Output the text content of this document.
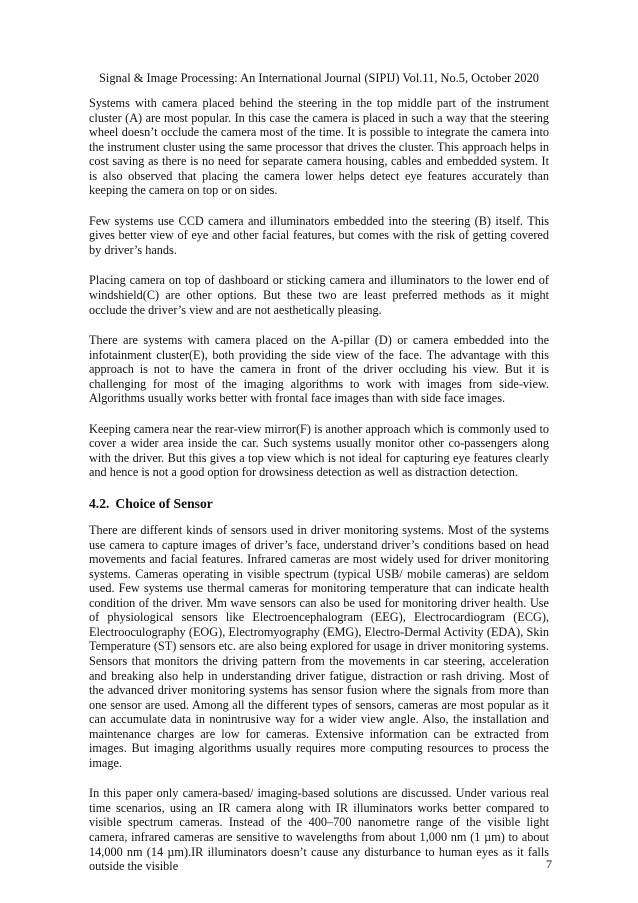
Signal & Image Processing: An International Journal (SIPIJ) Vol.11, No.5, October 2020

Systems with camera placed behind the steering in the top middle part of the instrument cluster (A) are most popular. In this case the camera is placed in such a way that the steering wheel doesn’t occlude the camera most of the time. It is possible to integrate the camera into the instrument cluster using the same processor that drives the cluster. This approach helps in cost saving as there is no need for separate camera housing, cables and embedded system. It is also observed that placing the camera lower helps detect eye features accurately than keeping the camera on top or on sides.

Few systems use CCD camera and illuminators embedded into the steering (B) itself. This gives better view of eye and other facial features, but comes with the risk of getting covered by driver’s hands.

Placing camera on top of dashboard or sticking camera and illuminators to the lower end of windshield(C) are other options. But these two are least preferred methods as it might occlude the driver’s view and are not aesthetically pleasing.

There are systems with camera placed on the A-pillar (D) or camera embedded into the infotainment cluster(E), both providing the side view of the face. The advantage with this approach is not to have the camera in front of the driver occluding his view. But it is challenging for most of the imaging algorithms to work with images from side-view. Algorithms usually works better with frontal face images than with side face images.

Keeping camera near the rear-view mirror(F) is another approach which is commonly used to cover a wider area inside the car. Such systems usually monitor other co-passengers along with the driver. But this gives a top view which is not ideal for capturing eye features clearly and hence is not a good option for drowsiness detection as well as distraction detection.

4.2. Choice of Sensor

There are different kinds of sensors used in driver monitoring systems. Most of the systems use camera to capture images of driver’s face, understand driver’s conditions based on head movements and facial features. Infrared cameras are most widely used for driver monitoring systems. Cameras operating in visible spectrum (typical USB/ mobile cameras) are seldom used. Few systems use thermal cameras for monitoring temperature that can indicate health condition of the driver. Mm wave sensors can also be used for monitoring driver health. Use of physiological sensors like Electroencephalogram (EEG), Electrocardiogram (ECG), Electrooculography (EOG), Electromyography (EMG), Electro-Dermal Activity (EDA), Skin Temperature (ST) sensors etc. are also being explored for usage in driver monitoring systems. Sensors that monitors the driving pattern from the movements in car steering, acceleration and breaking also help in understanding driver fatigue, distraction or rash driving. Most of the advanced driver monitoring systems has sensor fusion where the signals from more than one sensor are used. Among all the different types of sensors, cameras are most popular as it can accumulate data in nonintrusive way for a wider view angle. Also, the installation and maintenance charges are low for cameras. Extensive information can be extracted from images. But imaging algorithms usually requires more computing resources to process the image.

In this paper only camera-based/ imaging-based solutions are discussed. Under various real time scenarios, using an IR camera along with IR illuminators works better compared to visible spectrum cameras. Instead of the 400–700 nanometre range of the visible light camera, infrared cameras are sensitive to wavelengths from about 1,000 nm (1 µm) to about 14,000 nm (14 µm).IR illuminators doesn’t cause any disturbance to human eyes as it falls outside the visible	7
